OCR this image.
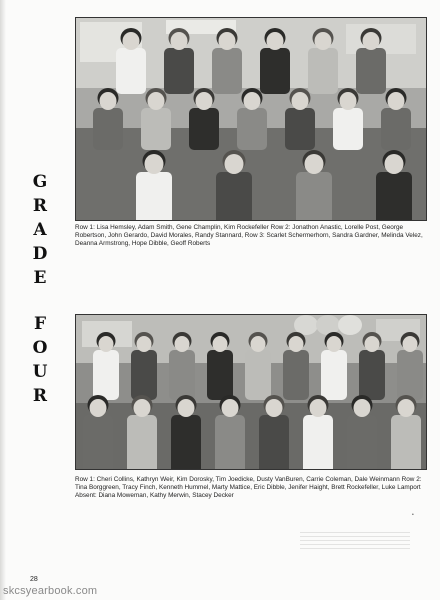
G
R
A
D
E
F
O
U
R
Row 1: Lisa Hemsley, Adam Smith, Gene Champlin, Kim Rockefeller Row 2: Jonathon Anastic, Lorelle Post, George Robertson, John Gerardo, David Morales, Randy Stannard, Row 3: Scarlet Schermerhorn, Sandra Gardner, Melinda Velez, Deanna Armstrong, Hope Dibble, Geoff Roberts
Row 1: Cheri Collins, Kathryn Weir, Kim Dorosky, Tim Joedicke, Dusty VanBuren, Carrie Coleman, Dale Weinmann Row 2: Tina Borggreen, Tracy Finch, Kenneth Hummel, Marty Mattice, Eric Dibble, Jenifer Haight, Brett Rockefeller, Luke Lamport Absent: Diana Moweman, Kathy Merwin, Stacey Decker
•
28
skcsyearbook.com
